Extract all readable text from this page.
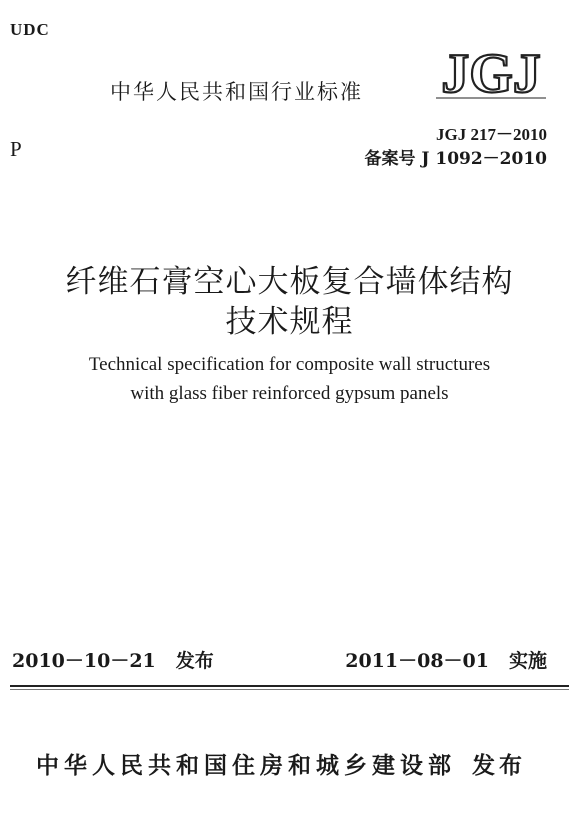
UDC
中华人民共和国行业标准 JGJ
P
JGJ 217－2010
备案号 J 1092－2010
纤维石膏空心大板复合墙体结构
技术规程
Technical specification for composite wall structures
with glass fiber reinforced gypsum panels
2010－10－21 发布	2011－08－01 实施
中华人民共和国住房和城乡建设部 发布
